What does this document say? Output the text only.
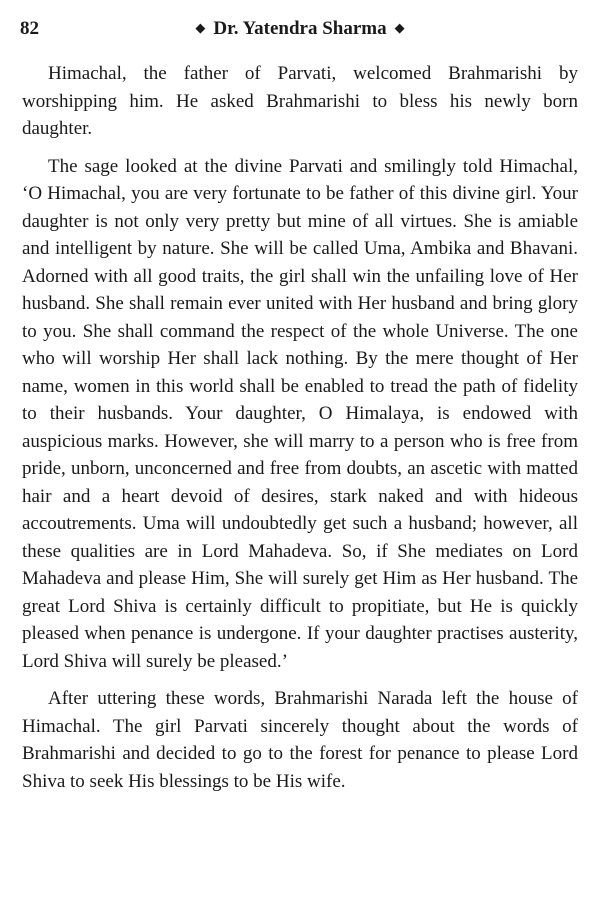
82	◆ Dr. Yatendra Sharma ◆

Himachal, the father of Parvati, welcomed Brahmarishi by worshipping him. He asked Brahmarishi to bless his newly born daughter.

The sage looked at the divine Parvati and smilingly told Himachal, ‘O Himachal, you are very fortunate to be father of this divine girl. Your daughter is not only very pretty but mine of all virtues. She is amiable and intelligent by nature. She will be called Uma, Ambika and Bhavani. Adorned with all good traits, the girl shall win the unfailing love of Her husband. She shall remain ever united with Her husband and bring glory to you. She shall command the respect of the whole Universe. The one who will worship Her shall lack nothing. By the mere thought of Her name, women in this world shall be enabled to tread the path of fidelity to their husbands. Your daughter, O Himalaya, is endowed with auspicious marks. However, she will marry to a person who is free from pride, unborn, unconcerned and free from doubts, an ascetic with matted hair and a heart devoid of desires, stark naked and with hideous accoutrements. Uma will undoubtedly get such a husband; however, all these qualities are in Lord Mahadeva. So, if She mediates on Lord Mahadeva and please Him, She will surely get Him as Her husband. The great Lord Shiva is certainly difficult to propitiate, but He is quickly pleased when penance is undergone. If your daughter practises austerity, Lord Shiva will surely be pleased.’

After uttering these words, Brahmarishi Narada left the house of Himachal. The girl Parvati sincerely thought about the words of Brahmarishi and decided to go to the forest for penance to please Lord Shiva to seek His blessings to be His wife.
